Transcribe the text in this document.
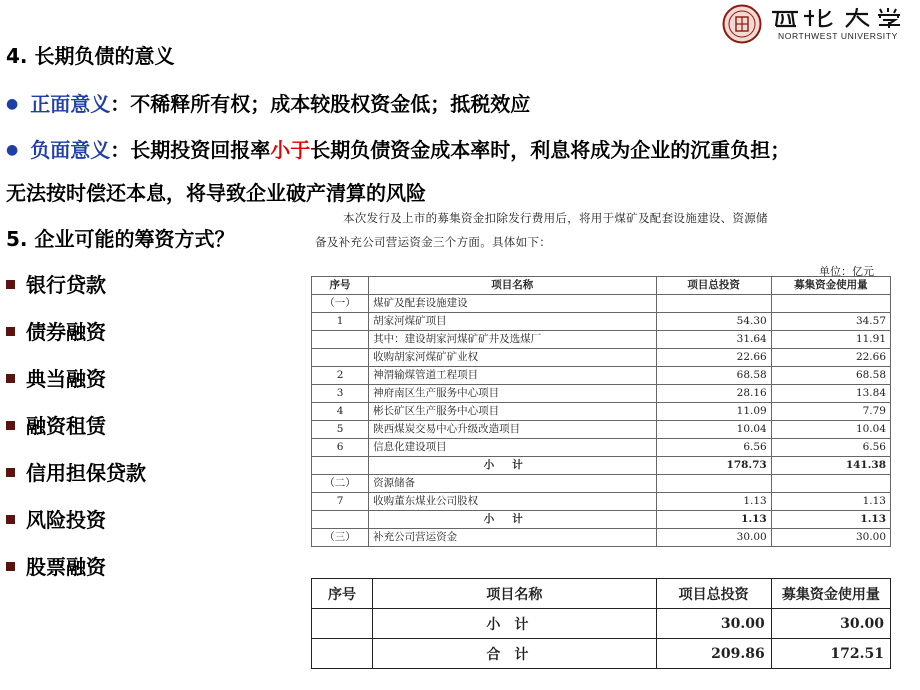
NORTHWEST UNIVERSITY
4. 长期负债的意义
● 正面意义：不稀释所有权；成本较股权资金低；抵税效应
● 负面意义：长期投资回报率小于长期负债资金成本率时，利息将成为企业的沉重负担；
无法按时偿还本息，将导致企业破产清算的风险
5. 企业可能的筹资方式？
银行贷款
债券融资
典当融资
融资租赁
信用担保贷款
风险投资
股票融资
本次发行及上市的募集资金扣除发行费用后，将用于煤矿及配套设施建设、资源储
备及补充公司营运资金三个方面。具体如下：
单位：亿元
序号	项目名称	项目总投资	募集资金使用量
（一）	煤矿及配套设施建设		
1	胡家河煤矿项目	54.30	34.57
	其中：建设胡家河煤矿矿井及选煤厂	31.64	11.91
	收购胡家河煤矿矿业权	22.66	22.66
2	神渭输煤管道工程项目	68.58	68.58
3	神府南区生产服务中心项目	28.16	13.84
4	彬长矿区生产服务中心项目	11.09	7.79
5	陕西煤炭交易中心升级改造项目	10.04	10.04
6	信息化建设项目	6.56	6.56
	小计	178.73	141.38
（二）	资源储备		
7	收购董东煤业公司股权	1.13	1.13
	小计	1.13	1.13
（三）	补充公司营运资金	30.00	30.00
序号	项目名称	项目总投资	募集资金使用量
	小计	30.00	30.00
	合计	209.86	172.51
